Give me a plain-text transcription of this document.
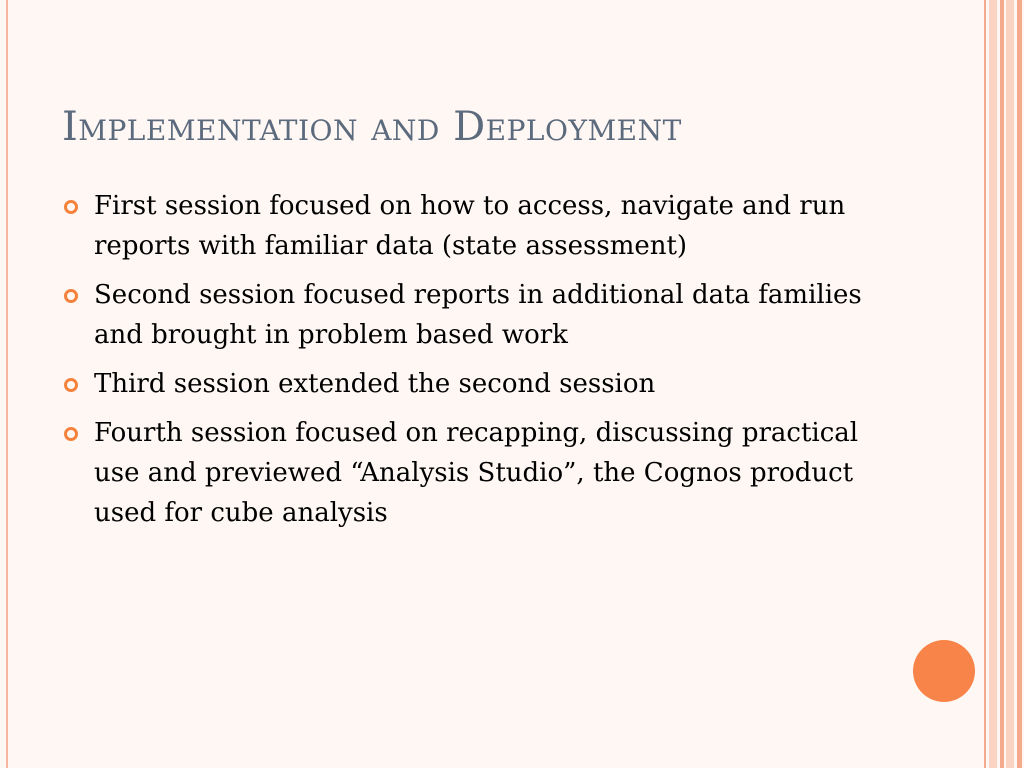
Implementation and Deployment
First session focused on how to access, navigate and run reports with familiar data (state assessment)
Second session focused reports in additional data families and brought in problem based work
Third session extended the second session
Fourth session focused on recapping, discussing practical use and previewed “Analysis Studio”, the Cognos product used for cube analysis
